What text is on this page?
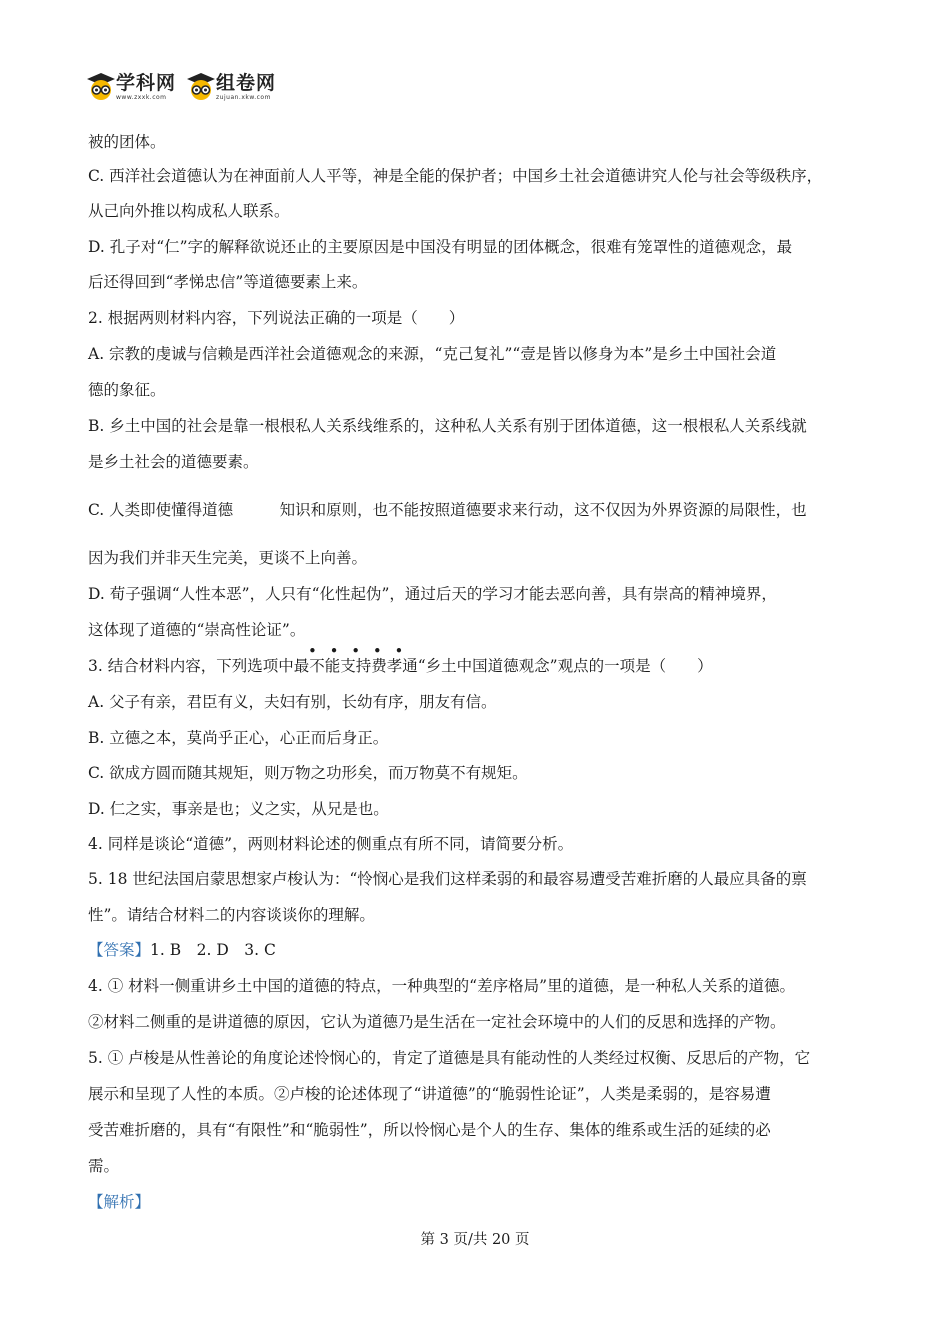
学科网
www.zxxk.com
组卷网
zujuan.xkw.com
被的团体。
C. 西洋社会道德认为在神面前人人平等，神是全能的保护者；中国乡土社会道德讲究人伦与社会等级秩序，
从己向外推以构成私人联系。
D. 孔子对“仁”字的解释欲说还止的主要原因是中国没有明显的团体概念，很难有笼罩性的道德观念，最
后还得回到“孝悌忠信”等道德要素上来。
2. 根据两则材料内容，下列说法正确的一项是（　　）
A. 宗教的虔诚与信赖是西洋社会道德观念的来源，“克己复礼”“壹是皆以修身为本”是乡土中国社会道
德的象征。
B. 乡土中国的社会是靠一根根私人关系线维系的，这种私人关系有别于团体道德，这一根根私人关系线就
是乡土社会的道德要素。
C. 人类即使懂得道德　　　知识和原则，也不能按照道德要求来行动，这不仅因为外界资源的局限性，也
因为我们并非天生完美，更谈不上向善。
D. 荀子强调“人性本恶”，人只有“化性起伪”，通过后天的学习才能去恶向善，具有崇高的精神境界，
这体现了道德的“崇高性论证”。
• • • • •
3. 结合材料内容，下列选项中最不能支持费孝通“乡土中国道德观念”观点的一项是（　　）
A. 父子有亲，君臣有义，夫妇有别，长幼有序，朋友有信。
B. 立德之本，莫尚乎正心，心正而后身正。
C. 欲成方圆而随其规矩，则万物之功形矣，而万物莫不有规矩。
D. 仁之实，事亲是也；义之实，从兄是也。
4. 同样是谈论“道德”，两则材料论述的侧重点有所不同，请简要分析。
5. 18 世纪法国启蒙思想家卢梭认为：“怜悯心是我们这样柔弱的和最容易遭受苦难折磨的人最应具备的禀
性”。请结合材料二的内容谈谈你的理解。
【答案】1. B　2. D　3. C
4. ① 材料一侧重讲乡土中国的道德的特点，一种典型的“差序格局”里的道德，是一种私人关系的道德。
②材料二侧重的是讲道德的原因，它认为道德乃是生活在一定社会环境中的人们的反思和选择的产物。
5. ① 卢梭是从性善论的角度论述怜悯心的，肯定了道德是具有能动性的人类经过权衡、反思后的产物，它
展示和呈现了人性的本质。②卢梭的论述体现了“讲道德”的“脆弱性论证”，人类是柔弱的，是容易遭
受苦难折磨的，具有“有限性”和“脆弱性”，所以怜悯心是个人的生存、集体的维系或生活的延续的必
需。
【解析】
第 3 页/共 20 页
